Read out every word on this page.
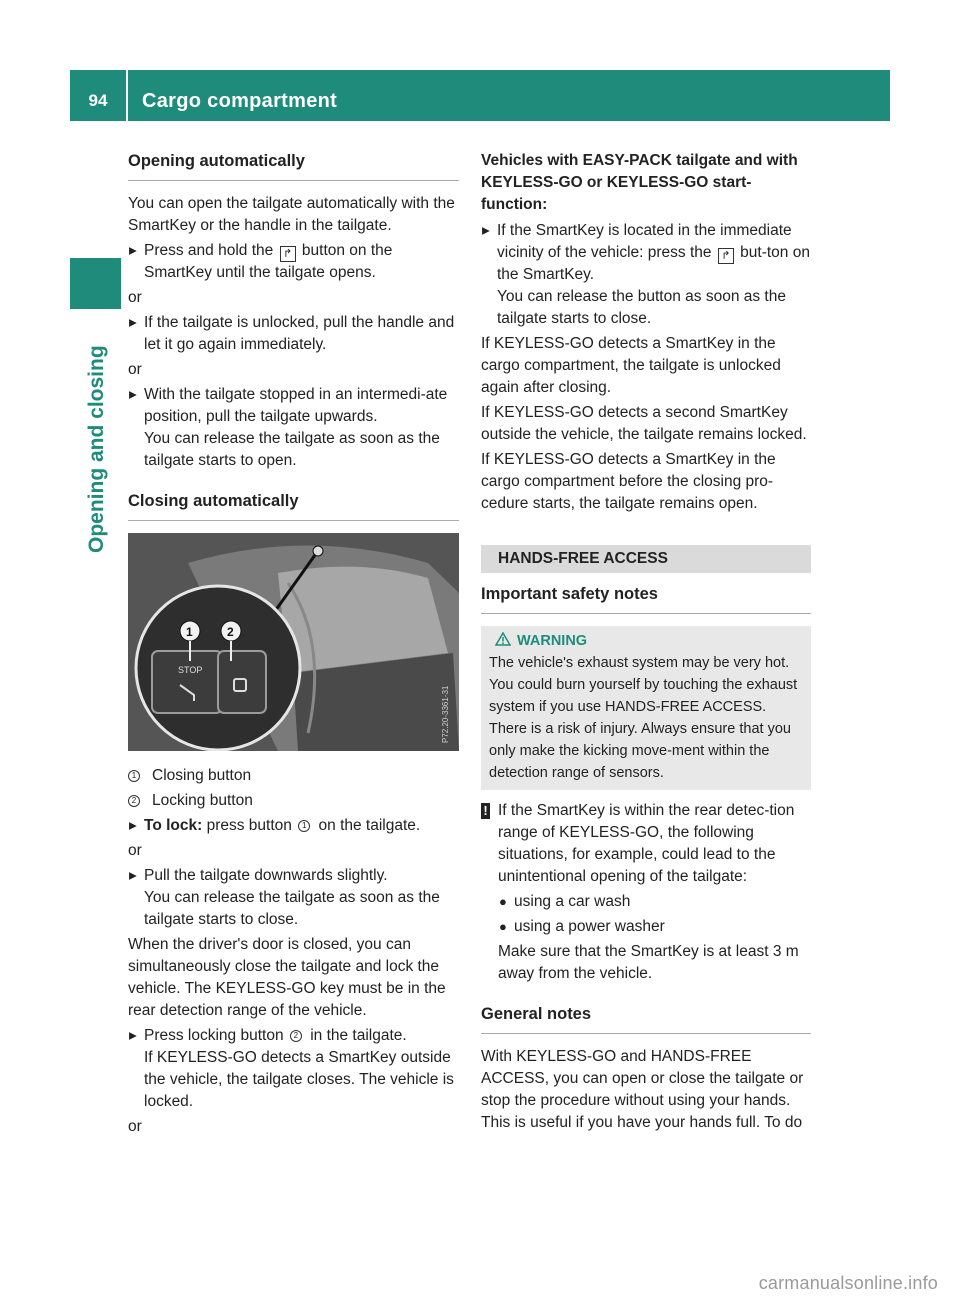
94	Cargo compartment
Opening and closing
Opening automatically

You can open the tailgate automatically with the SmartKey or the handle in the tailgate.

▸ Press and hold the ↱ button on the SmartKey until the tailgate opens.

or

▸ If the tailgate is unlocked, pull the handle and let it go again immediately.

or

▸ With the tailgate stopped in an intermedi-ate position, pull the tailgate upwards.
You can release the tailgate as soon as the tailgate starts to open.
Closing automatically
STOP
1	2
P72.20-3361-31

1 Closing button

2 Locking button

▸ To lock: press button 1 on the tailgate.

or

▸ Pull the tailgate downwards slightly.
You can release the tailgate as soon as the tailgate starts to close.

When the driver's door is closed, you can simultaneously close the tailgate and lock the vehicle. The KEYLESS-GO key must be in the rear detection range of the vehicle.

▸ Press locking button 2 in the tailgate.
If KEYLESS-GO detects a SmartKey outside the vehicle, the tailgate closes. The vehicle is locked.

or

Vehicles with EASY-PACK tailgate and with KEYLESS-GO or KEYLESS-GO start-function:
▸ If the SmartKey is located in the immediate vicinity of the vehicle: press the ↱ but-ton on the SmartKey.
You can release the button as soon as the tailgate starts to close.

If KEYLESS-GO detects a SmartKey in the cargo compartment, the tailgate is unlocked again after closing.

If KEYLESS-GO detects a second SmartKey outside the vehicle, the tailgate remains locked.

If KEYLESS-GO detects a SmartKey in the cargo compartment before the closing pro-cedure starts, the tailgate remains open.

HANDS-FREE ACCESS
Important safety notes
WARNING
The vehicle's exhaust system may be very hot. You could burn yourself by touching the exhaust system if you use HANDS-FREE ACCESS. There is a risk of injury. Always ensure that you only make the kicking move-ment within the detection range of sensors.
! If the SmartKey is within the rear detec-tion range of KEYLESS-GO, the following situations, for example, could lead to the unintentional opening of the tailgate:
● using a car wash
● using a power washer

Make sure that the SmartKey is at least 3 m away from the vehicle.

General notes

With KEYLESS-GO and HANDS-FREE ACCESS, you can open or close the tailgate or stop the procedure without using your hands. This is useful if you have your hands full. To do

carmanualsonline.info
